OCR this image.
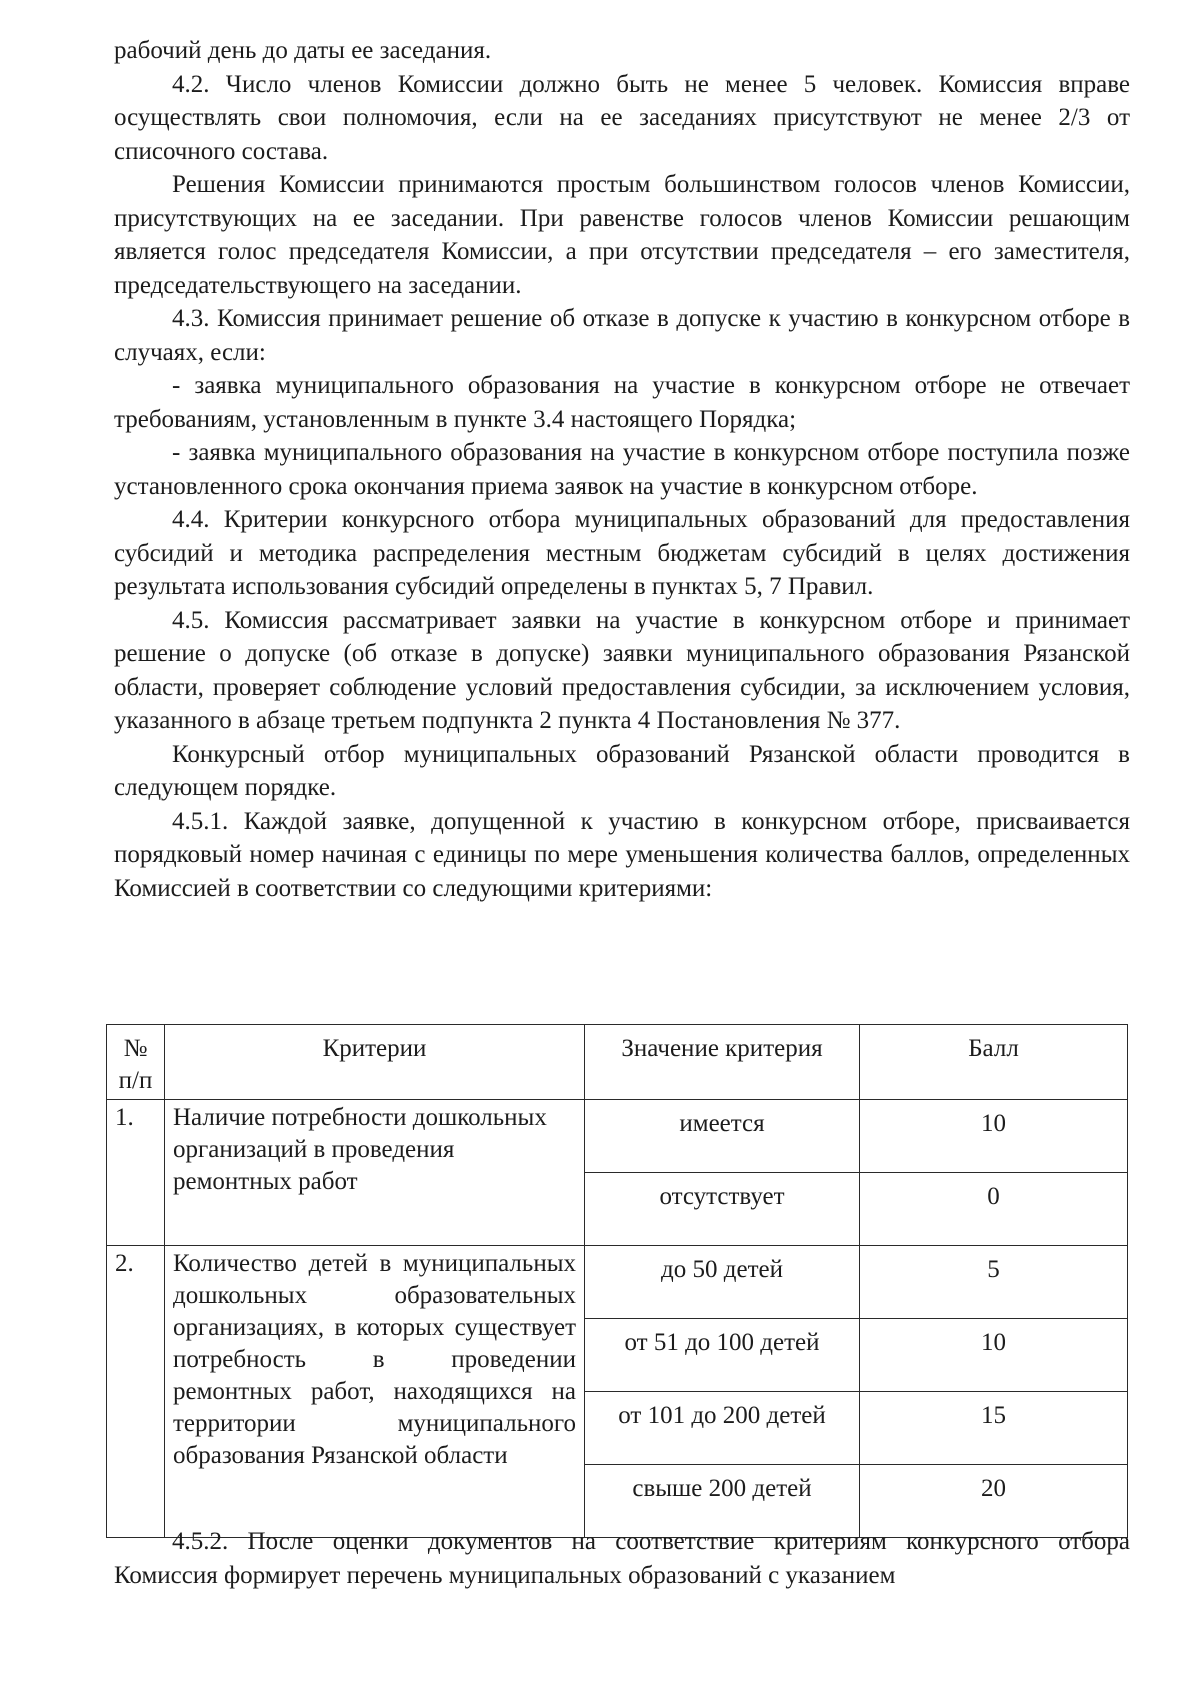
рабочий день до даты ее заседания.

4.2. Число членов Комиссии должно быть не менее 5 человек. Комиссия вправе осуществлять свои полномочия, если на ее заседаниях присутствуют не менее 2/3 от списочного состава.

Решения Комиссии принимаются простым большинством голосов членов Комиссии, присутствующих на ее заседании. При равенстве голосов членов Комиссии решающим является голос председателя Комиссии, а при отсутствии председателя – его заместителя, председательствующего на заседании.

4.3. Комиссия принимает решение об отказе в допуске к участию в конкурсном отборе в случаях, если:

- заявка муниципального образования на участие в конкурсном отборе не отвечает требованиям, установленным в пункте 3.4 настоящего Порядка;

- заявка муниципального образования на участие в конкурсном отборе поступила позже установленного срока окончания приема заявок на участие в конкурсном отборе.

4.4. Критерии конкурсного отбора муниципальных образований для предоставления субсидий и методика распределения местным бюджетам субсидий в целях достижения результата использования субсидий определены в пунктах 5, 7 Правил.

4.5. Комиссия рассматривает заявки на участие в конкурсном отборе и принимает решение о допуске (об отказе в допуске) заявки муниципального образования Рязанской области, проверяет соблюдение условий предоставления субсидии, за исключением условия, указанного в абзаце третьем подпункта 2 пункта 4 Постановления № 377.

Конкурсный отбор муниципальных образований Рязанской области проводится в следующем порядке.

4.5.1. Каждой заявке, допущенной к участию в конкурсном отборе, присваивается порядковый номер начиная с единицы по мере уменьшения количества баллов, определенных Комиссией в соответствии со следующими критериями:

№ п/п	Критерии	Значение критерия	Балл
1.	Наличие потребности дошкольных организаций в проведения ремонтных работ	имеется	10
		отсутствует	0
2.	Количество детей в муниципальных дошкольных образовательных организациях, в которых существует потребность в проведении ремонтных работ, находящихся на территории муниципального образования Рязанской области	до 50 детей	5
		от 51 до 100 детей	10
		от 101 до 200 детей	15
		свыше 200 детей	20

4.5.2. После оценки документов на соответствие критериям конкурсного отбора Комиссия формирует перечень муниципальных образований с указанием
